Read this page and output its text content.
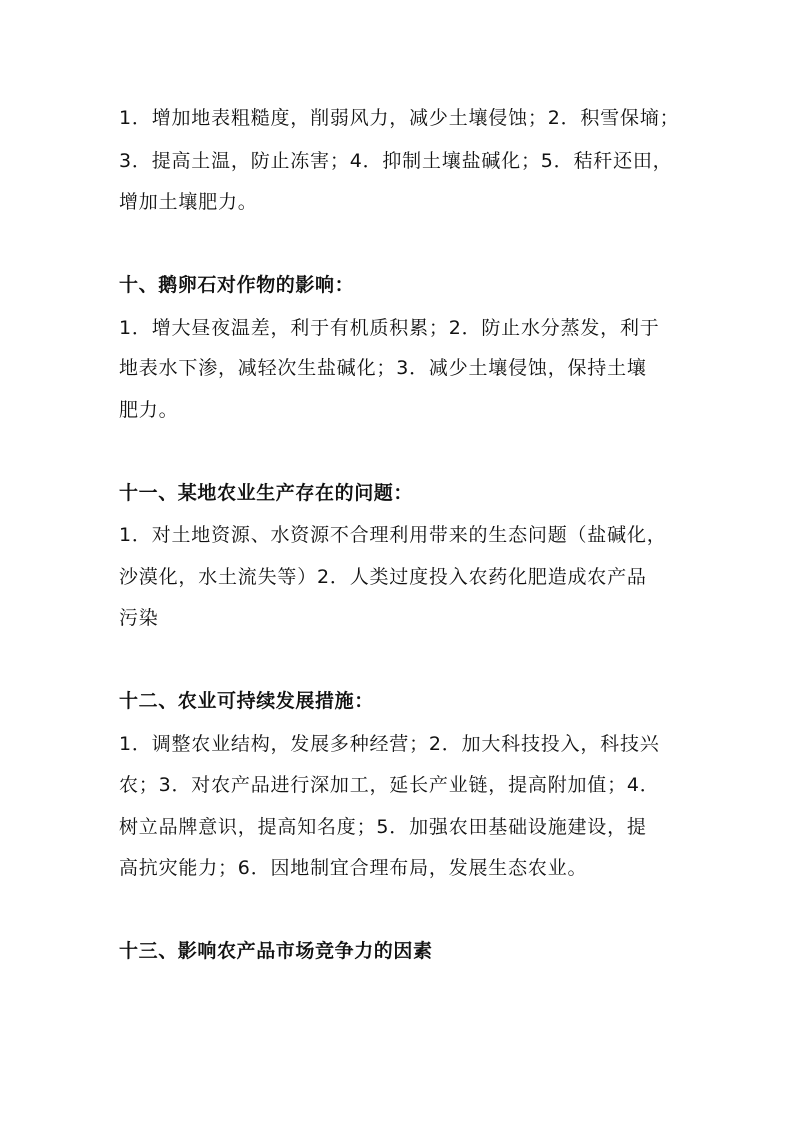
1．增加地表粗糙度，削弱风力，减少土壤侵蚀；2．积雪保墒；
3．提高土温，防止冻害；4．抑制土壤盐碱化；5．秸秆还田，
增加土壤肥力。
十、鹅卵石对作物的影响：
1．增大昼夜温差，利于有机质积累；2．防止水分蒸发，利于
地表水下渗，减轻次生盐碱化；3．减少土壤侵蚀，保持土壤
肥力。
十一、某地农业生产存在的问题：
1．对土地资源、水资源不合理利用带来的生态问题（盐碱化，
沙漠化，水土流失等）2．人类过度投入农药化肥造成农产品
污染
十二、农业可持续发展措施：
1．调整农业结构，发展多种经营；2．加大科技投入，科技兴
农；3．对农产品进行深加工，延长产业链，提高附加值；4．
树立品牌意识，提高知名度；5．加强农田基础设施建设，提
高抗灾能力；6．因地制宜合理布局，发展生态农业。
十三、影响农产品市场竞争力的因素
